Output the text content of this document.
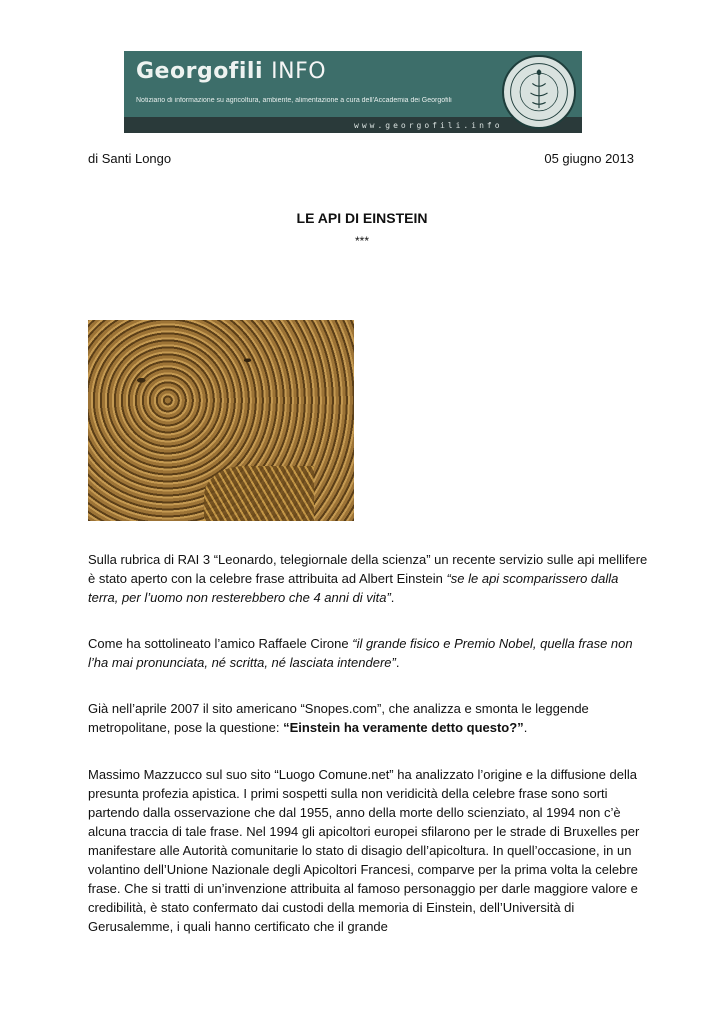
Georgofili INFO
Notiziario di informazione su agricoltura, ambiente, alimentazione a cura dell'Accademia dei Georgofili
www.georgofili.info
di Santi Longo	05 giugno 2013
LE API DI EINSTEIN
***

Sulla rubrica di RAI 3 “Leonardo, telegiornale della scienza” un recente servizio sulle api mellifere è stato aperto con la celebre frase attribuita ad Albert Einstein “se le api scomparissero dalla terra, per l’uomo non resterebbero che 4 anni di vita”.

Come ha sottolineato l’amico Raffaele Cirone “il grande fisico e Premio Nobel, quella frase non l’ha mai pronunciata, né scritta, né lasciata intendere”.

Già nell’aprile 2007 il sito americano “Snopes.com”, che analizza e smonta le leggende metropolitane, pose la questione: “Einstein ha veramente detto questo?”.

Massimo Mazzucco sul suo sito “Luogo Comune.net” ha analizzato l’origine e la diffusione della presunta profezia apistica. I primi sospetti sulla non veridicità della celebre frase sono sorti partendo dalla osservazione che dal 1955, anno della morte dello scienziato, al 1994 non c’è alcuna traccia di tale frase. Nel 1994 gli apicoltori europei sfilarono per le strade di Bruxelles per manifestare alle Autorità comunitarie lo stato di disagio dell’apicoltura. In quell’occasione, in un volantino dell’Unione Nazionale degli Apicoltori Francesi, comparve per la prima volta la celebre frase. Che si tratti di un’invenzione attribuita al famoso personaggio per darle maggiore valore e credibilità, è stato confermato dai custodi della memoria di Einstein, dell’Università di Gerusalemme, i quali hanno certificato che il grande
